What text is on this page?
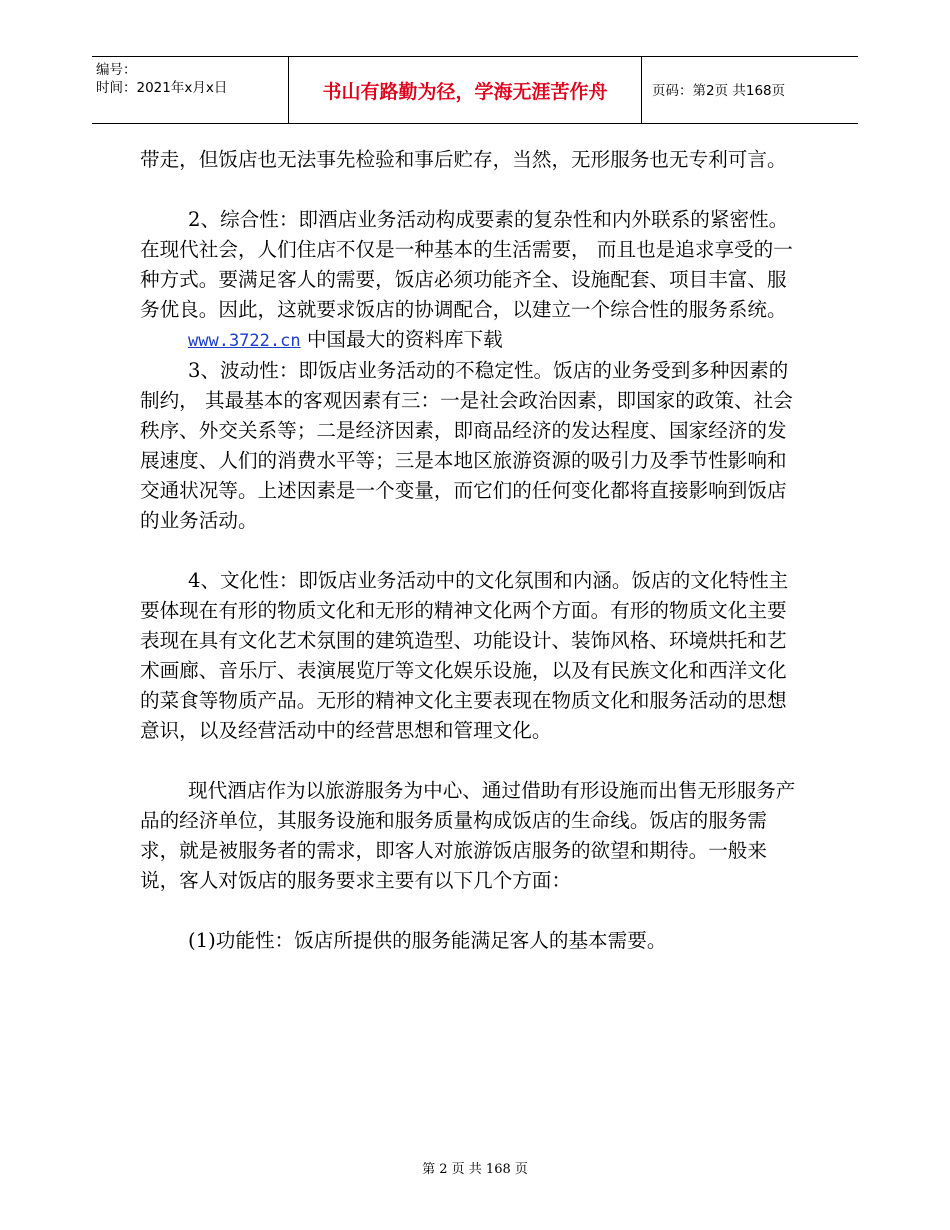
编号：
时间：2021年x月x日	书山有路勤为径，学海无涯苦作舟	页码：第2页 共168页

带走，但饭店也无法事先检验和事后贮存，当然，无形服务也无专利可言。

2、综合性：即酒店业务活动构成要素的复杂性和内外联系的紧密性。在现代社会，人们住店不仅是一种基本的生活需要， 而且也是追求享受的一种方式。要满足客人的需要，饭店必须功能齐全、设施配套、项目丰富、服务优良。因此，这就要求饭店的协调配合，以建立一个综合性的服务系统。

www.3722.cn 中国最大的资料库下载

3、波动性：即饭店业务活动的不稳定性。饭店的业务受到多种因素的制约， 其最基本的客观因素有三：一是社会政治因素，即国家的政策、社会秩序、外交关系等；二是经济因素，即商品经济的发达程度、国家经济的发展速度、人们的消费水平等；三是本地区旅游资源的吸引力及季节性影响和交通状况等。上述因素是一个变量，而它们的任何变化都将直接影响到饭店的业务活动。

4、文化性：即饭店业务活动中的文化氛围和内涵。饭店的文化特性主要体现在有形的物质文化和无形的精神文化两个方面。有形的物质文化主要表现在具有文化艺术氛围的建筑造型、功能设计、装饰风格、环境烘托和艺术画廊、音乐厅、表演展览厅等文化娱乐设施，以及有民族文化和西洋文化的菜食等物质产品。无形的精神文化主要表现在物质文化和服务活动的思想意识，以及经营活动中的经营思想和管理文化。

现代酒店作为以旅游服务为中心、通过借助有形设施而出售无形服务产品的经济单位，其服务设施和服务质量构成饭店的生命线。饭店的服务需求，就是被服务者的需求，即客人对旅游饭店服务的欲望和期待。一般来说，客人对饭店的服务要求主要有以下几个方面：

(1)功能性：饭店所提供的服务能满足客人的基本需要。

第 2 页 共 168 页
